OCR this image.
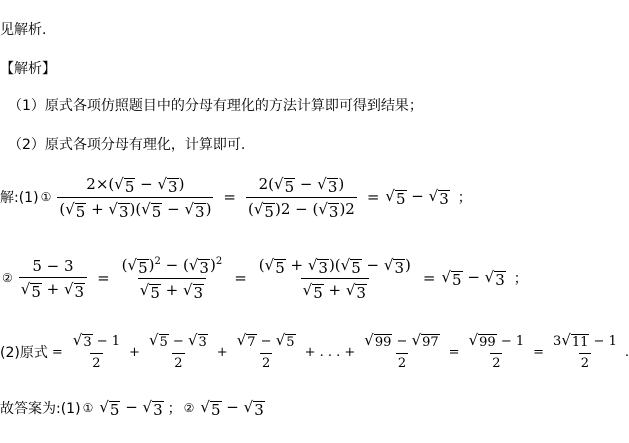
见解析.
【解析】
（1）原式各项仿照题目中的分母有理化的方法计算即可得到结果；
（2）原式各项分母有理化，计算即可.
解:(1) ① $\frac{2\times( √ 5 - √ 3 )}{( √ 5 + √ 3 )( √ 5 - √ 3 )} = \frac{2( √ 5 - √ 3 )}{( √ 5 )2 - ( √ 3 )2}$ = √ 5 − √ 3 ；
② $\frac{5 - 3}{√ 5 + √ 3} = \frac{( √ 5 )^2 - ( √ 3 )^2}{√ 5 + √ 3} = \frac{( √ 5 + √ 3 )( √ 5 - √ 3 )}{√ 5 + √ 3}$ = √ 5 − √ 3 ；
(2)原式 = $\frac{√ 3 - 1}{2} + \frac{√ 5 - √ 3}{2} + \frac{√ 7 - √ 5}{2}$ + . . . + $\frac{√ 99 - √ 97}{2} = \frac{√ 99 - 1}{2} = \frac{3 √ 11 - 1}{2}$ .
故答案为:(1) ① √ 5 − √ 3 ； ② √ 5 − √ 3
